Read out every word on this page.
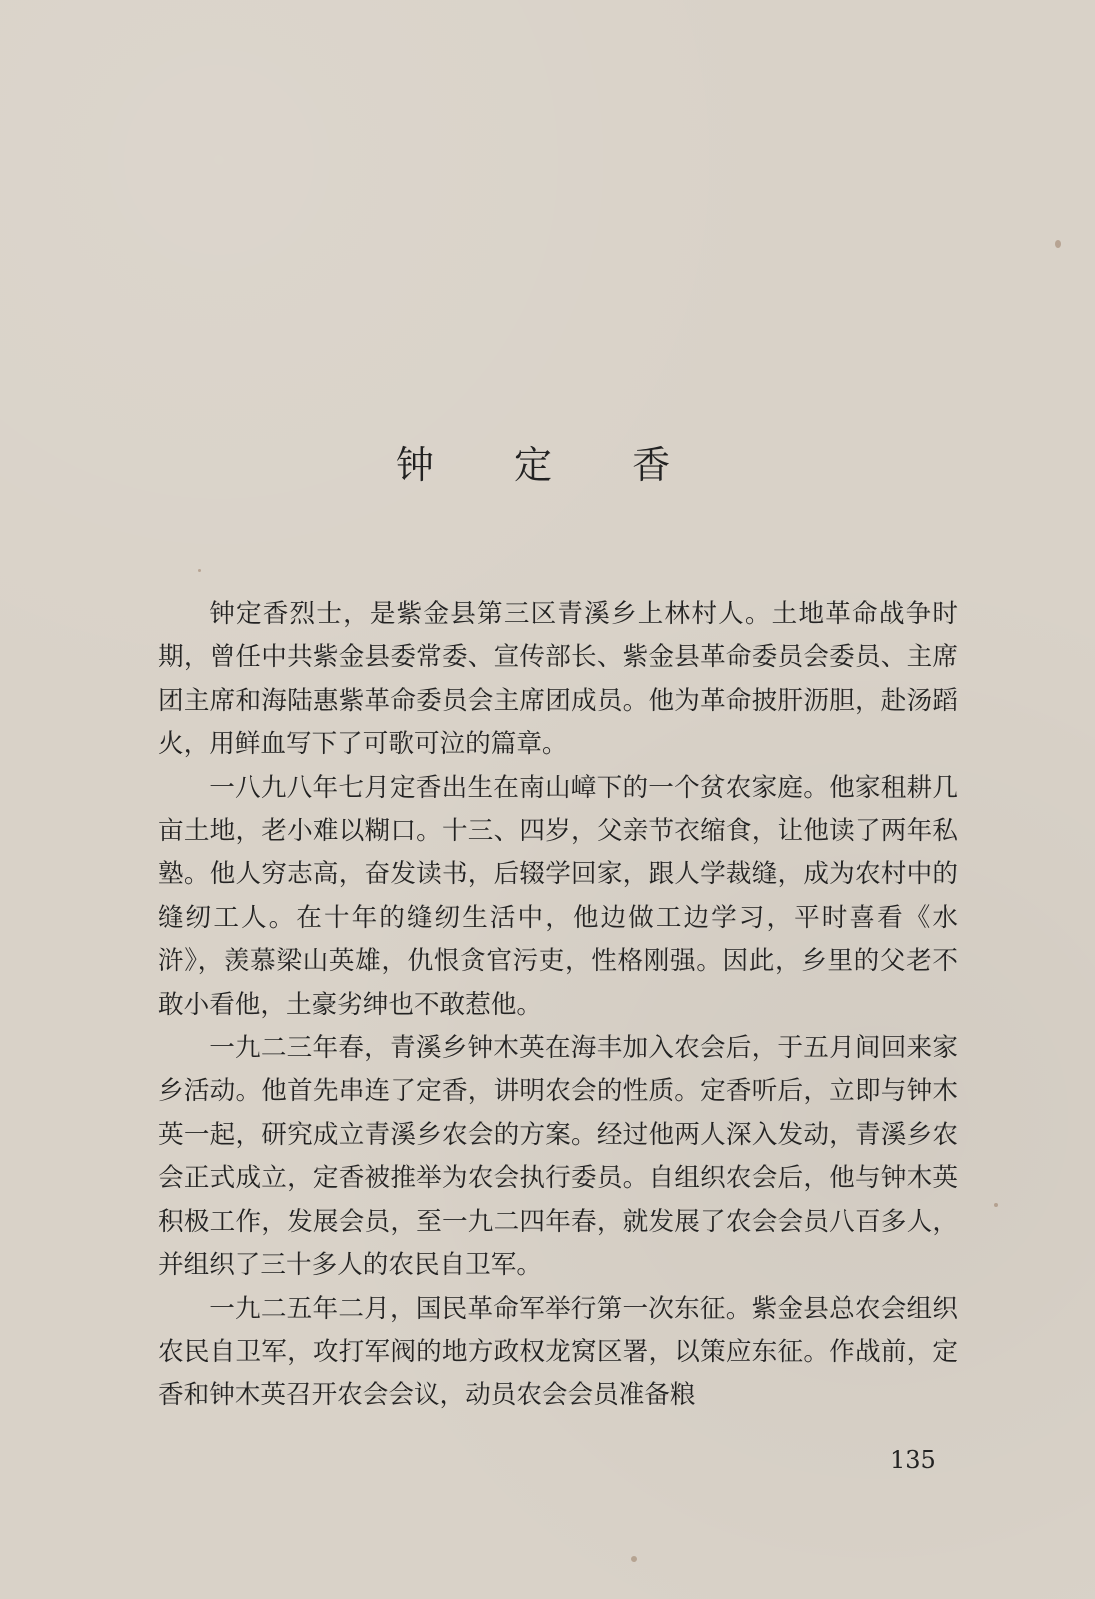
钟 定 香

钟定香烈士，是紫金县第三区青溪乡上林村人。土地革命战争时期，曾任中共紫金县委常委、宣传部长、紫金县革命委员会委员、主席团主席和海陆惠紫革命委员会主席团成员。他为革命披肝沥胆，赴汤蹈火，用鲜血写下了可歌可泣的篇章。

一八九八年七月定香出生在南山嶂下的一个贫农家庭。他家租耕几亩土地，老小难以糊口。十三、四岁，父亲节衣缩食，让他读了两年私塾。他人穷志高，奋发读书，后辍学回家，跟人学裁缝，成为农村中的缝纫工人。在十年的缝纫生活中，他边做工边学习，平时喜看《水浒》，羡慕梁山英雄，仇恨贪官污吏，性格刚强。因此，乡里的父老不敢小看他，土豪劣绅也不敢惹他。

一九二三年春，青溪乡钟木英在海丰加入农会后，于五月间回来家乡活动。他首先串连了定香，讲明农会的性质。定香听后，立即与钟木英一起，研究成立青溪乡农会的方案。经过他两人深入发动，青溪乡农会正式成立，定香被推举为农会执行委员。自组织农会后，他与钟木英积极工作，发展会员，至一九二四年春，就发展了农会会员八百多人，并组织了三十多人的农民自卫军。

一九二五年二月，国民革命军举行第一次东征。紫金县总农会组织农民自卫军，攻打军阀的地方政权龙窝区署，以策应东征。作战前，定香和钟木英召开农会会议，动员农会会员准备粮

135
